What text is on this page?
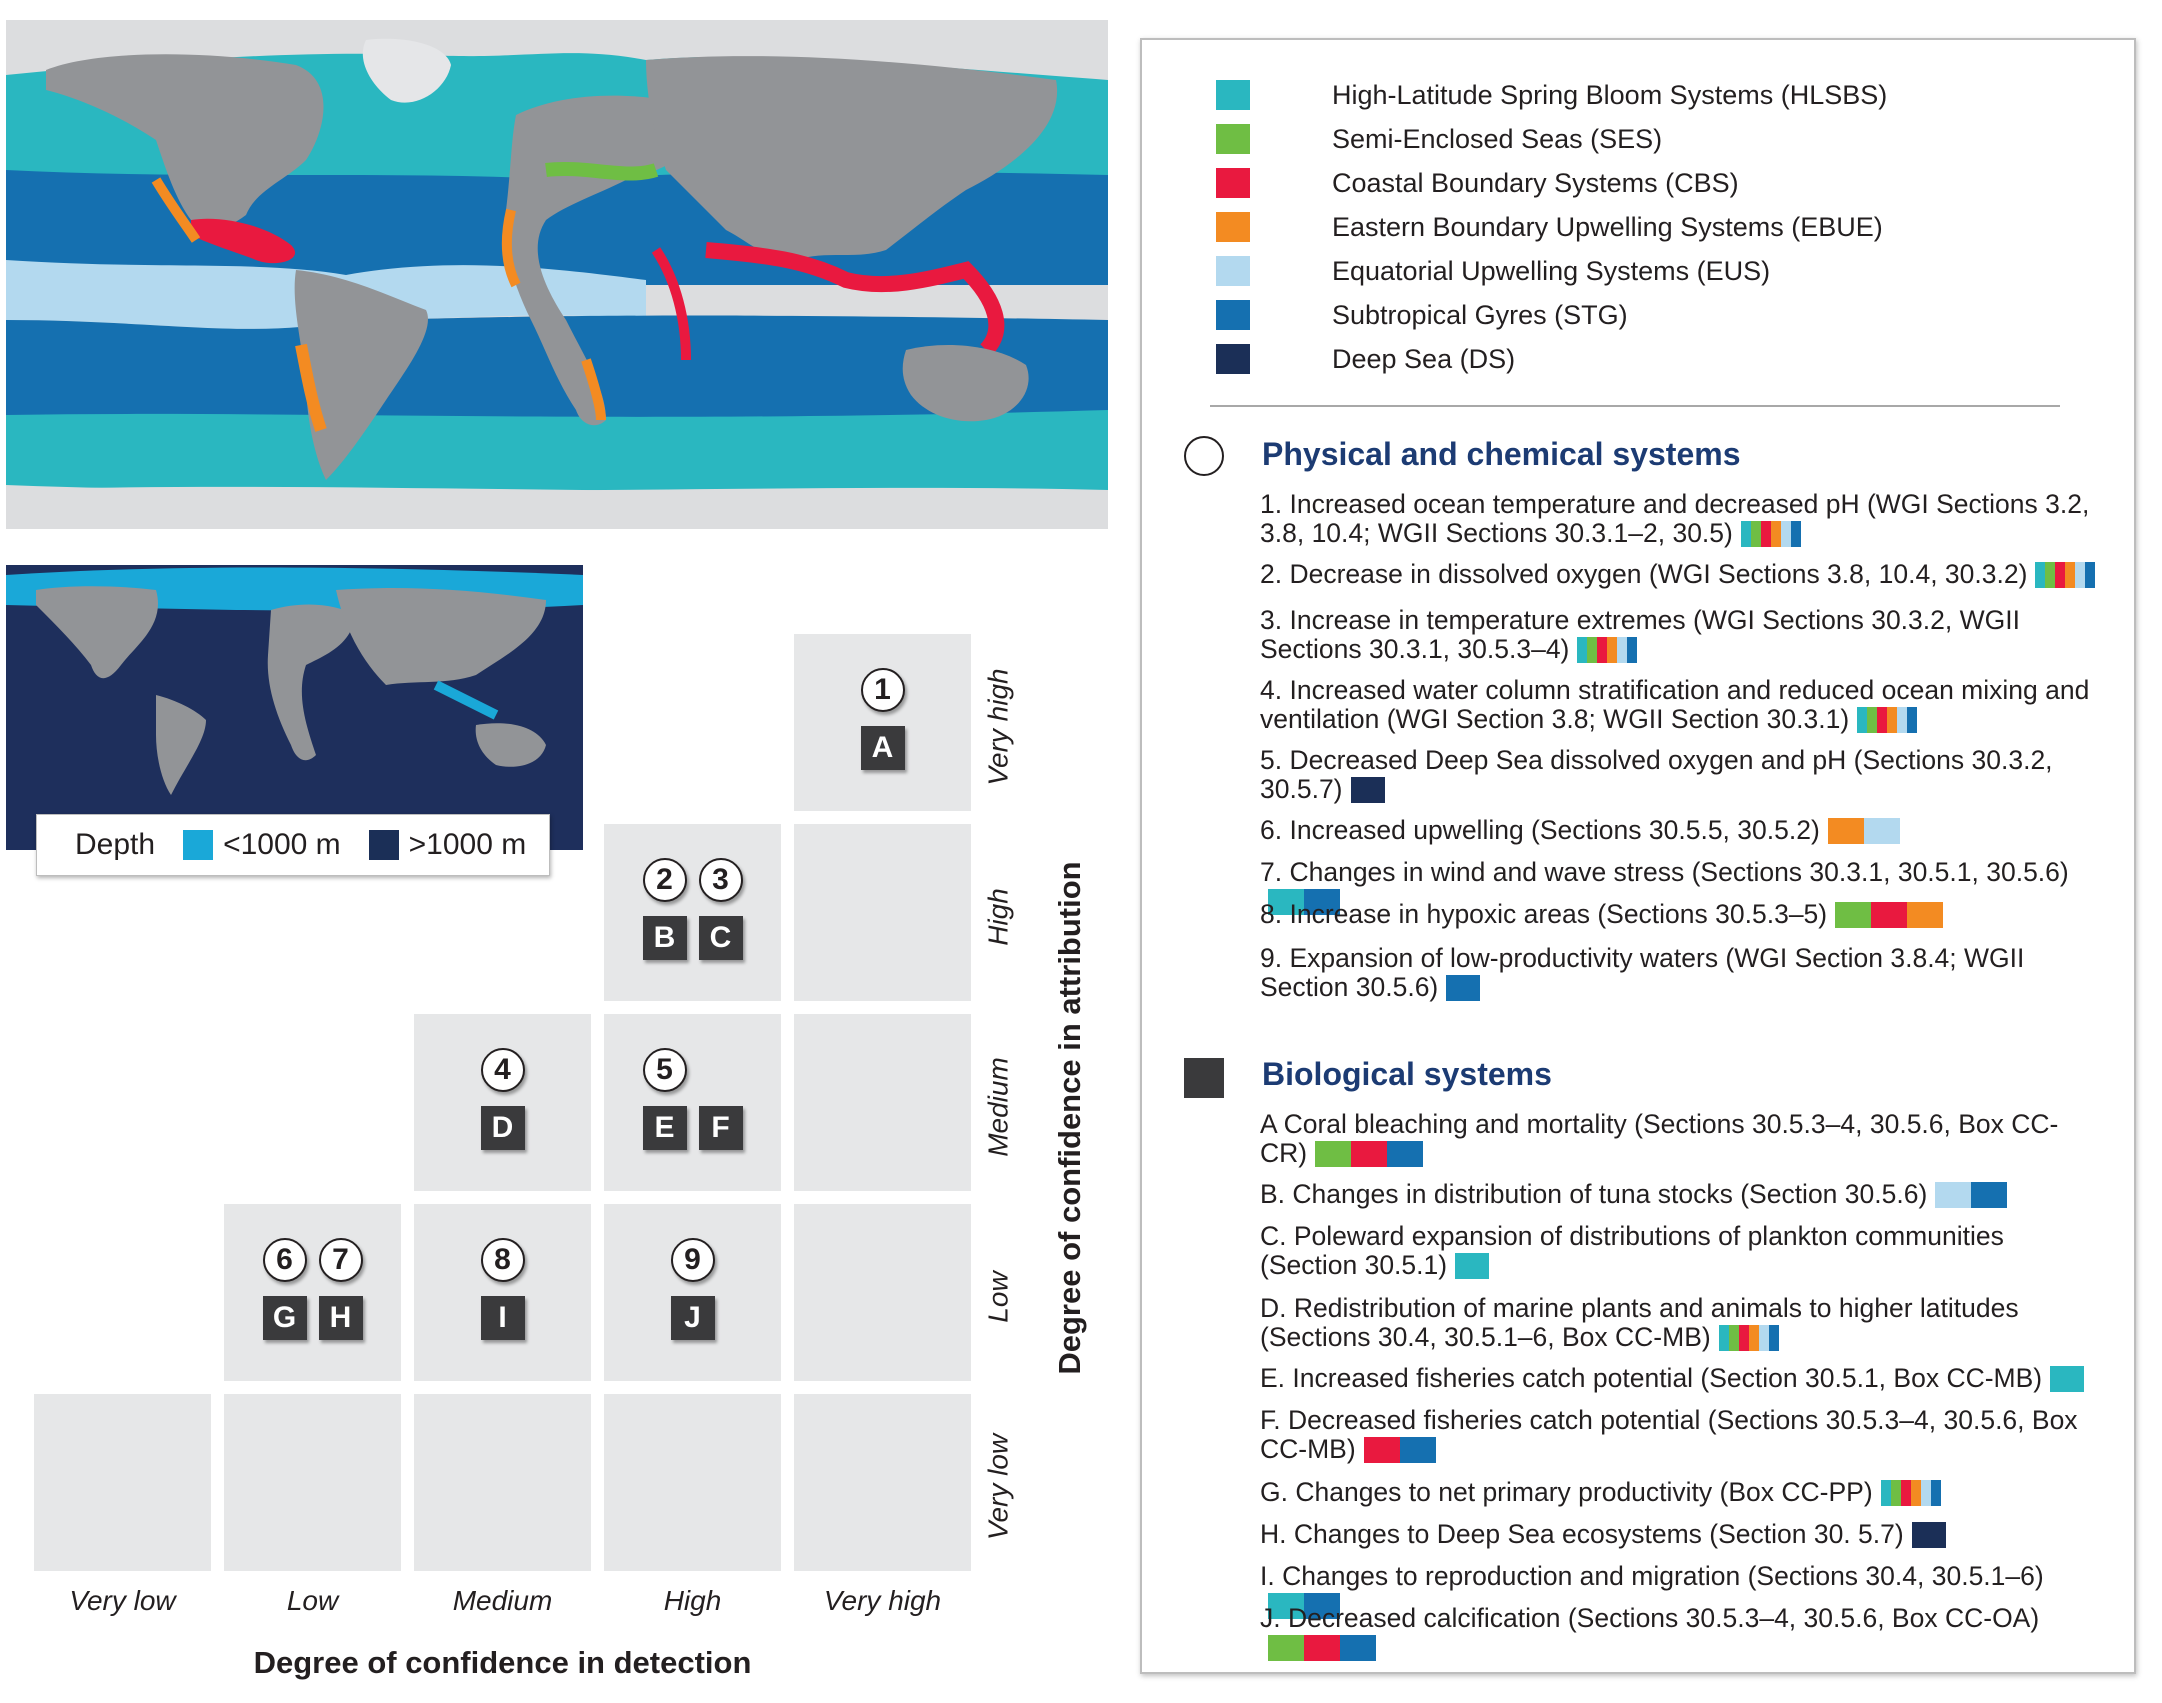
Depth <1000 m >1000 m
1
A
2	3
B	C
4
D
5
E	F
6	7
G	H
8
I
9
J
Very low	Low	Medium	High	Very high
Very low
Low
Medium
High
Very high
Degree of confidence in detection
Degree of confidence in attribution
High-Latitude Spring Bloom Systems (HLSBS)
Semi-Enclosed Seas (SES)
Coastal Boundary Systems (CBS)
Eastern Boundary Upwelling Systems (EBUE)
Equatorial Upwelling Systems (EUS)
Subtropical Gyres (STG)
Deep Sea (DS)
Physical and chemical systems
1. Increased ocean temperature and decreased pH (WGI Sections 3.2, 3.8, 10.4; WGII Sections 30.3.1–2, 30.5)
2. Decrease in dissolved oxygen (WGI Sections 3.8, 10.4, 30.3.2)
3. Increase in temperature extremes (WGI Sections 30.3.2, WGII Sections 30.3.1, 30.5.3–4)
4. Increased water column stratification and reduced ocean mixing and ventilation (WGI Section 3.8; WGII Section 30.3.1)
5. Decreased Deep Sea dissolved oxygen and pH (Sections 30.3.2, 30.5.7)
6. Increased upwelling (Sections 30.5.5, 30.5.2)
7. Changes in wind and wave stress (Sections 30.3.1, 30.5.1, 30.5.6)
8. Increase in hypoxic areas (Sections 30.5.3–5)
9. Expansion of low-productivity waters (WGI Section 3.8.4; WGII Section 30.5.6)
Biological systems
A Coral bleaching and mortality (Sections 30.5.3–4, 30.5.6, Box CC-CR)
B. Changes in distribution of tuna stocks (Section 30.5.6)
C. Poleward expansion of distributions of plankton communities (Section 30.5.1)
D. Redistribution of marine plants and animals to higher latitudes (Sections 30.4, 30.5.1–6, Box CC-MB)
E. Increased fisheries catch potential (Section 30.5.1, Box CC-MB)
F. Decreased fisheries catch potential (Sections 30.5.3–4, 30.5.6, Box CC-MB)
G. Changes to net primary productivity (Box CC-PP)
H. Changes to Deep Sea ecosystems (Section 30. 5.7)
I. Changes to reproduction and migration (Sections 30.4, 30.5.1–6)
J. Decreased calcification (Sections 30.5.3–4, 30.5.6, Box CC-OA)
